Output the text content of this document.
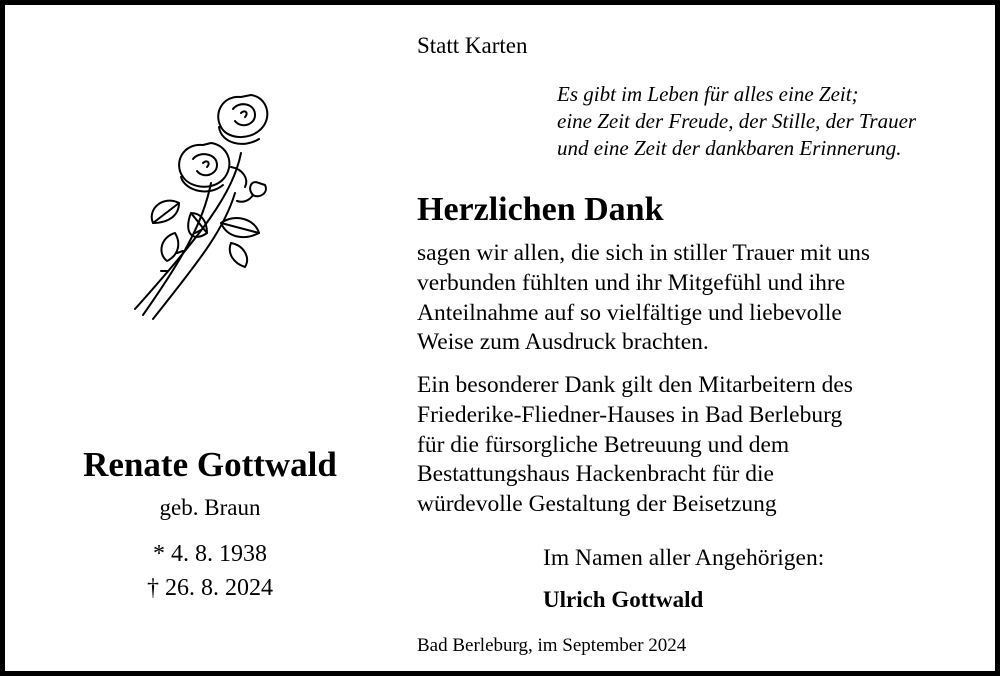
Renate Gottwald

geb. Braun

* 4. 8. 1938

† 26. 8. 2024

Statt Karten

Es gibt im Leben für alles eine Zeit;
eine Zeit der Freude, der Stille, der Trauer
und eine Zeit der dankbaren Erinnerung.

Herzlichen Dank

sagen wir allen, die sich in stiller Trauer mit uns
verbunden fühlten und ihr Mitgefühl und ihre
Anteilnahme auf so vielfältige und liebevolle
Weise zum Ausdruck brachten.
Ein besonderer Dank gilt den Mitarbeitern des
Friederike-Fliedner-Hauses in Bad Berleburg
für die fürsorgliche Betreuung und dem
Bestattungshaus Hackenbracht für die
würdevolle Gestaltung der Beisetzung

Im Namen aller Angehörigen:

Ulrich Gottwald

Bad Berleburg, im September 2024
